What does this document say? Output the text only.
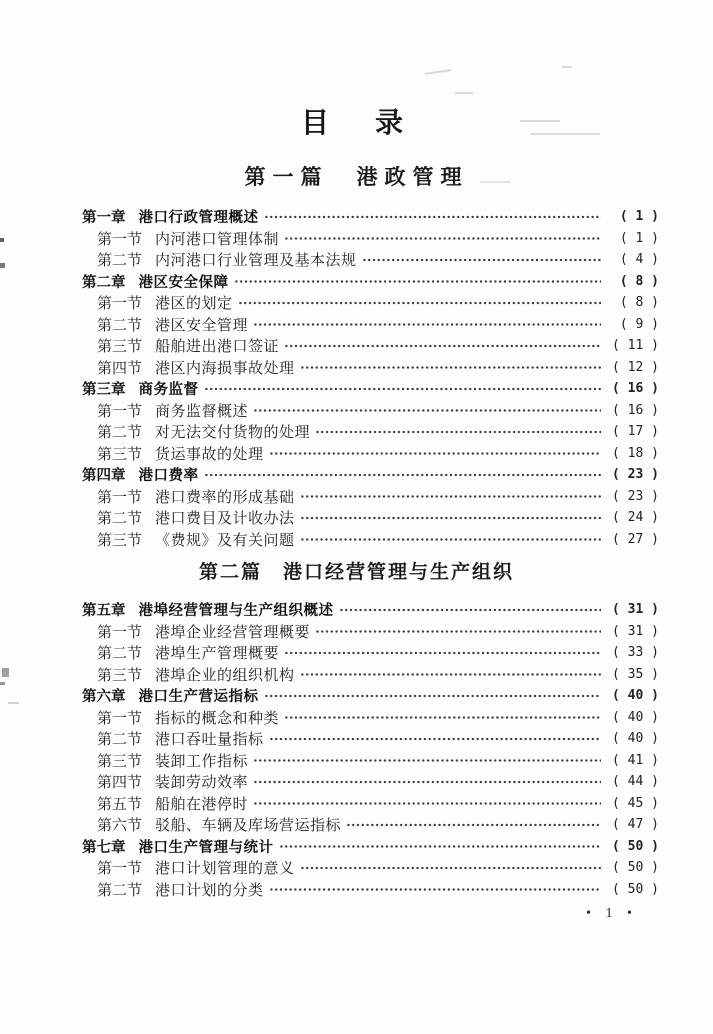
目　录
第一篇　港政管理
第一章 港口行政管理概述	( 1 )
第一节 内河港口管理体制	( 1 )
第二节 内河港口行业管理及基本法规	( 4 )
第二章 港区安全保障	( 8 )
第一节 港区的划定	( 8 )
第二节 港区安全管理	( 9 )
第三节 船舶进出港口签证	( 11 )
第四节 港区内海损事故处理	( 12 )
第三章 商务监督	( 16 )
第一节 商务监督概述	( 16 )
第二节 对无法交付货物的处理	( 17 )
第三节 货运事故的处理	( 18 )
第四章 港口费率	( 23 )
第一节 港口费率的形成基础	( 23 )
第二节 港口费目及计收办法	( 24 )
第三节 《费规》及有关问题	( 27 )
第二篇　港口经营管理与生产组织
第五章 港埠经营管理与生产组织概述	( 31 )
第一节 港埠企业经营管理概要	( 31 )
第二节 港埠生产管理概要	( 33 )
第三节 港埠企业的组织机构	( 35 )
第六章 港口生产营运指标	( 40 )
第一节 指标的概念和种类	( 40 )
第二节 港口吞吐量指标	( 40 )
第三节 装卸工作指标	( 41 )
第四节 装卸劳动效率	( 44 )
第五节 船舶在港停时	( 45 )
第六节 驳船、车辆及库场营运指标	( 47 )
第七章 港口生产管理与统计	( 50 )
第一节 港口计划管理的意义	( 50 )
第二节 港口计划的分类	( 50 )
• 1 •
